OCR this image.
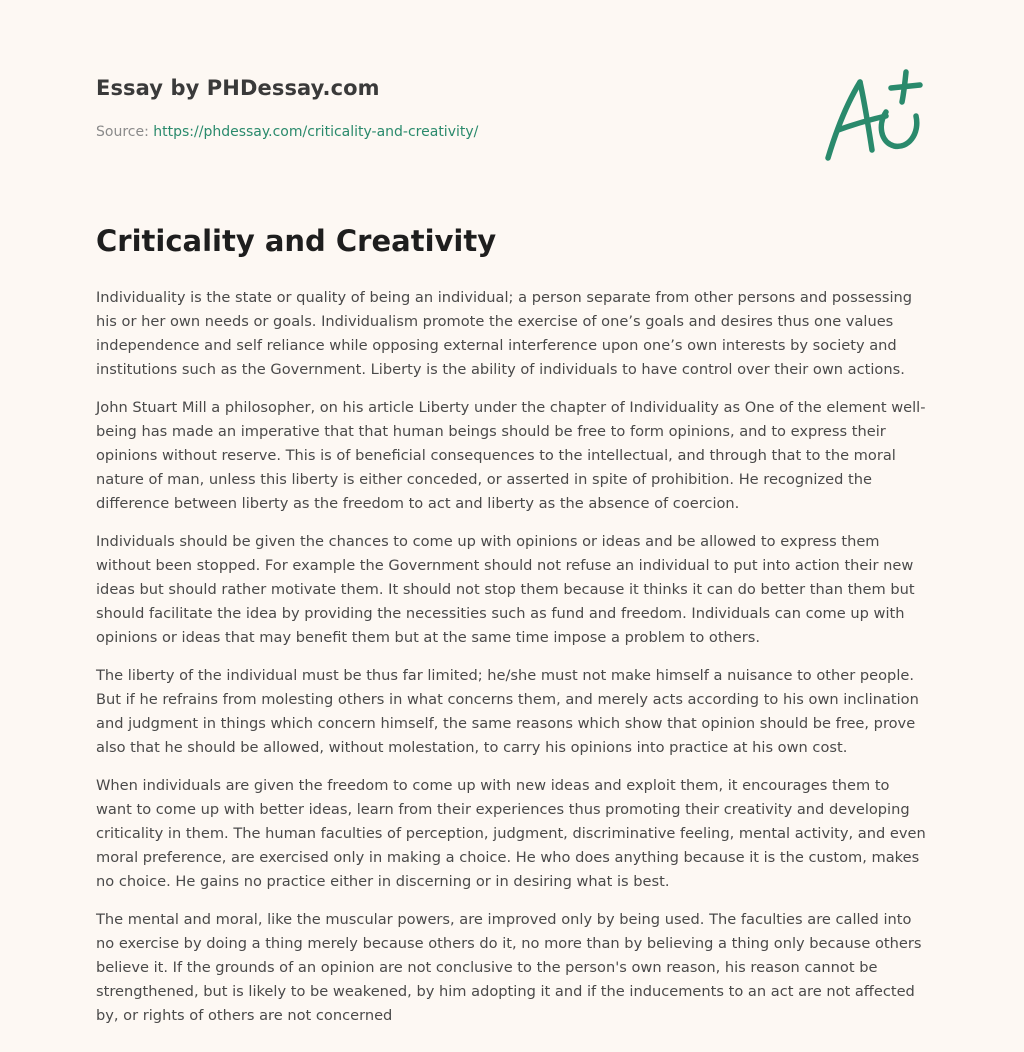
Essay by PHDessay.com
Source: https://phdessay.com/criticality-and-creativity/
Criticality and Creativity

Individuality is the state or quality of being an individual; a person separate from other persons and possessing his or her own needs or goals. Individualism promote the exercise of one’s goals and desires thus one values independence and self reliance while opposing external interference upon one’s own interests by society and institutions such as the Government. Liberty is the ability of individuals to have control over their own actions.

John Stuart Mill a philosopher, on his article Liberty under the chapter of Individuality as One of the element well-being has made an imperative that that human beings should be free to form opinions, and to express their opinions without reserve. This is of beneficial consequences to the intellectual, and through that to the moral nature of man, unless this liberty is either conceded, or asserted in spite of prohibition. He recognized the difference between liberty as the freedom to act and liberty as the absence of coercion.

Individuals should be given the chances to come up with opinions or ideas and be allowed to express them without been stopped. For example the Government should not refuse an individual to put into action their new ideas but should rather motivate them. It should not stop them because it thinks it can do better than them but should facilitate the idea by providing the necessities such as fund and freedom. Individuals can come up with opinions or ideas that may benefit them but at the same time impose a problem to others.

The liberty of the individual must be thus far limited; he/she must not make himself a nuisance to other people. But if he refrains from molesting others in what concerns them, and merely acts according to his own inclination and judgment in things which concern himself, the same reasons which show that opinion should be free, prove also that he should be allowed, without molestation, to carry his opinions into practice at his own cost.

When individuals are given the freedom to come up with new ideas and exploit them, it encourages them to want to come up with better ideas, learn from their experiences thus promoting their creativity and developing criticality in them. The human faculties of perception, judgment, discriminative feeling, mental activity, and even moral preference, are exercised only in making a choice. He who does anything because it is the custom, makes no choice. He gains no practice either in discerning or in desiring what is best.

The mental and moral, like the muscular powers, are improved only by being used. The faculties are called into no exercise by doing a thing merely because others do it, no more than by believing a thing only because others believe it. If the grounds of an opinion are not conclusive to the person's own reason, his reason cannot be strengthened, but is likely to be weakened, by him adopting it and if the inducements to an act are not affected by, or rights of others are not concerned
